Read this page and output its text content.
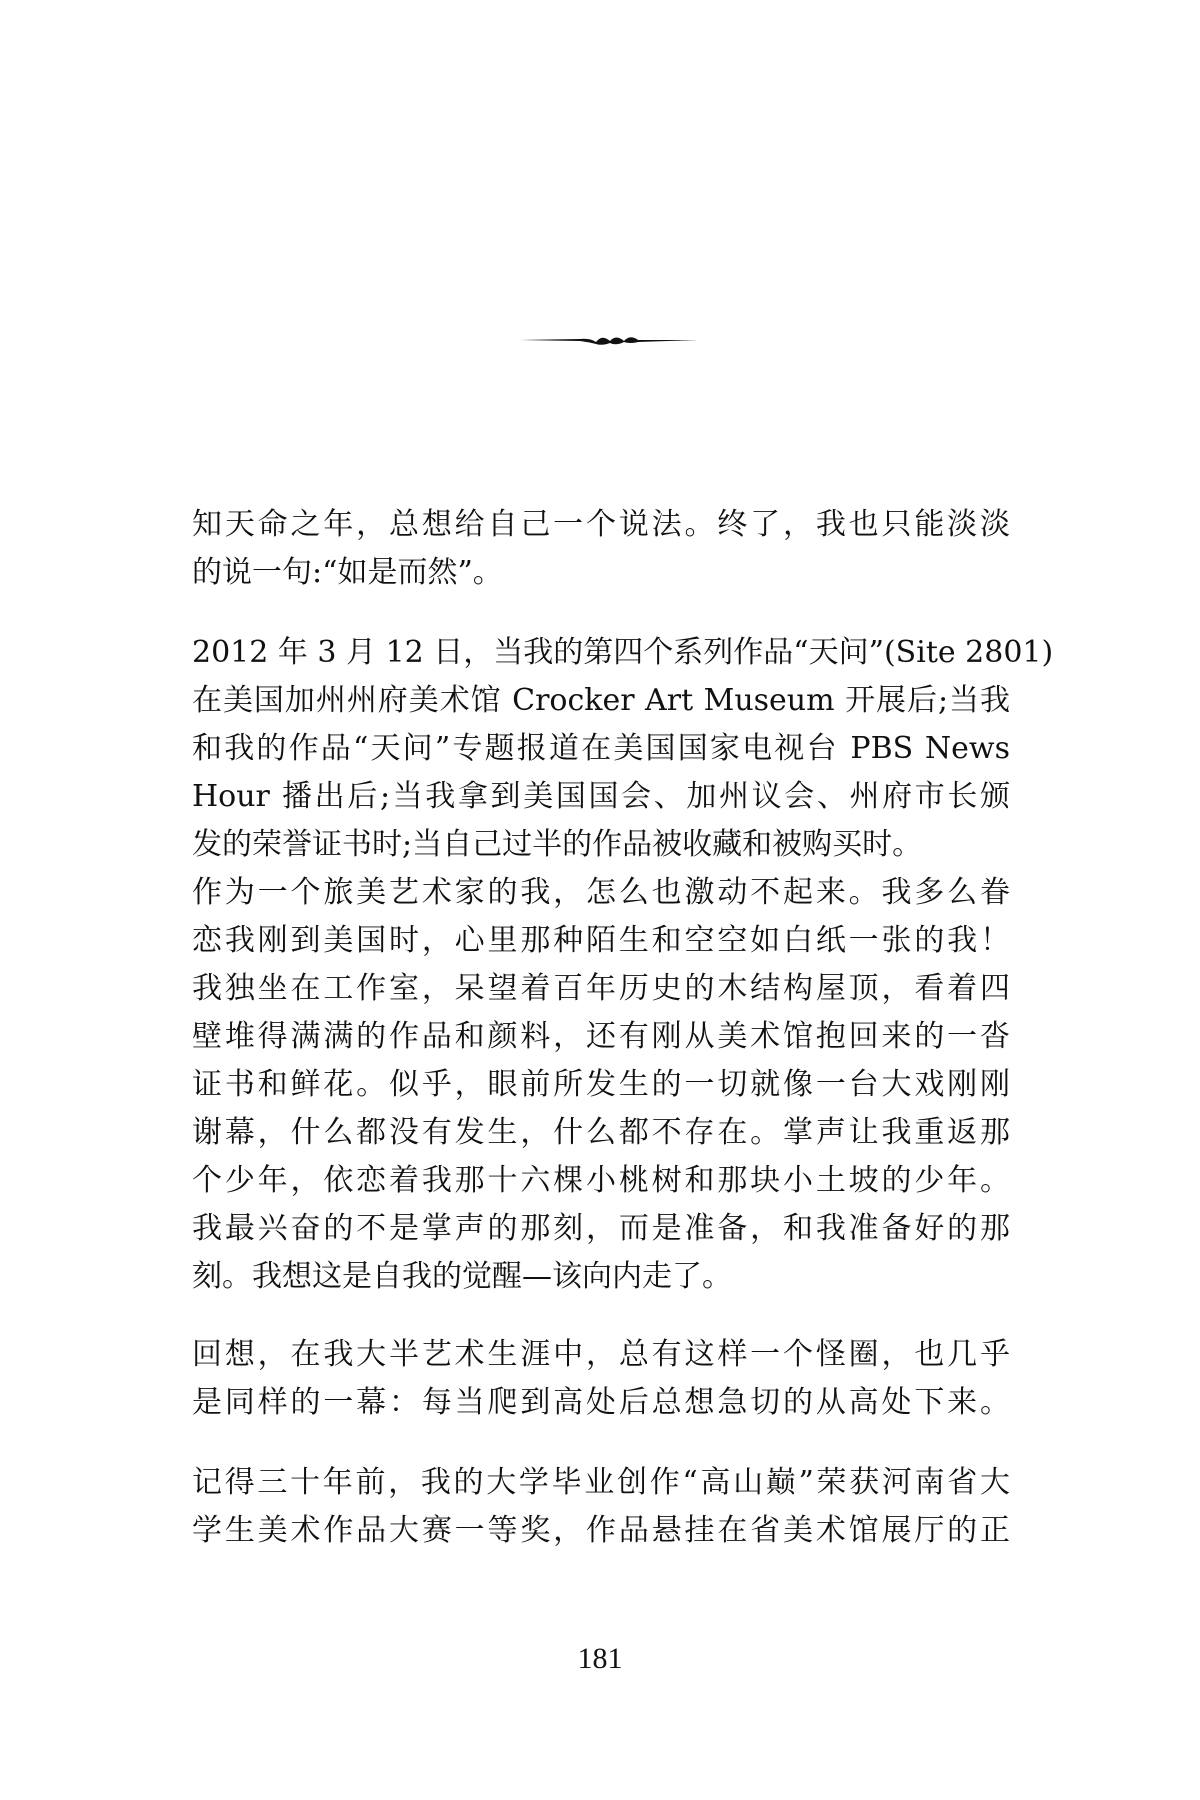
知天命之年，总想给自己一个说法。终了，我也只能淡淡
的说一句:“如是而然”。
2012 年 3 月 12 日，当我的第四个系列作品“天问”(Site 2801)
在美国加州州府美术馆 Crocker Art Museum 开展后;当我
和我的作品“天问”专题报道在美国国家电视台 PBS News
Hour 播出后;当我拿到美国国会、加州议会、州府市长颁
发的荣誉证书时;当自己过半的作品被收藏和被购买时。
作为一个旅美艺术家的我，怎么也激动不起来。我多么眷
恋我刚到美国时，心里那种陌生和空空如白纸一张的我！
我独坐在工作室，呆望着百年历史的木结构屋顶，看着四
壁堆得满满的作品和颜料，还有刚从美术馆抱回来的一沓
证书和鲜花。似乎，眼前所发生的一切就像一台大戏刚刚
谢幕，什么都没有发生，什么都不存在。掌声让我重返那
个少年，依恋着我那十六棵小桃树和那块小土坡的少年。
我最兴奋的不是掌声的那刻，而是准备，和我准备好的那
刻。我想这是自我的觉醒—该向内走了。
回想，在我大半艺术生涯中，总有这样一个怪圈，也几乎
是同样的一幕：每当爬到高处后总想急切的从高处下来。
记得三十年前，我的大学毕业创作“高山巅”荣获河南省大
学生美术作品大赛一等奖，作品悬挂在省美术馆展厅的正
181
